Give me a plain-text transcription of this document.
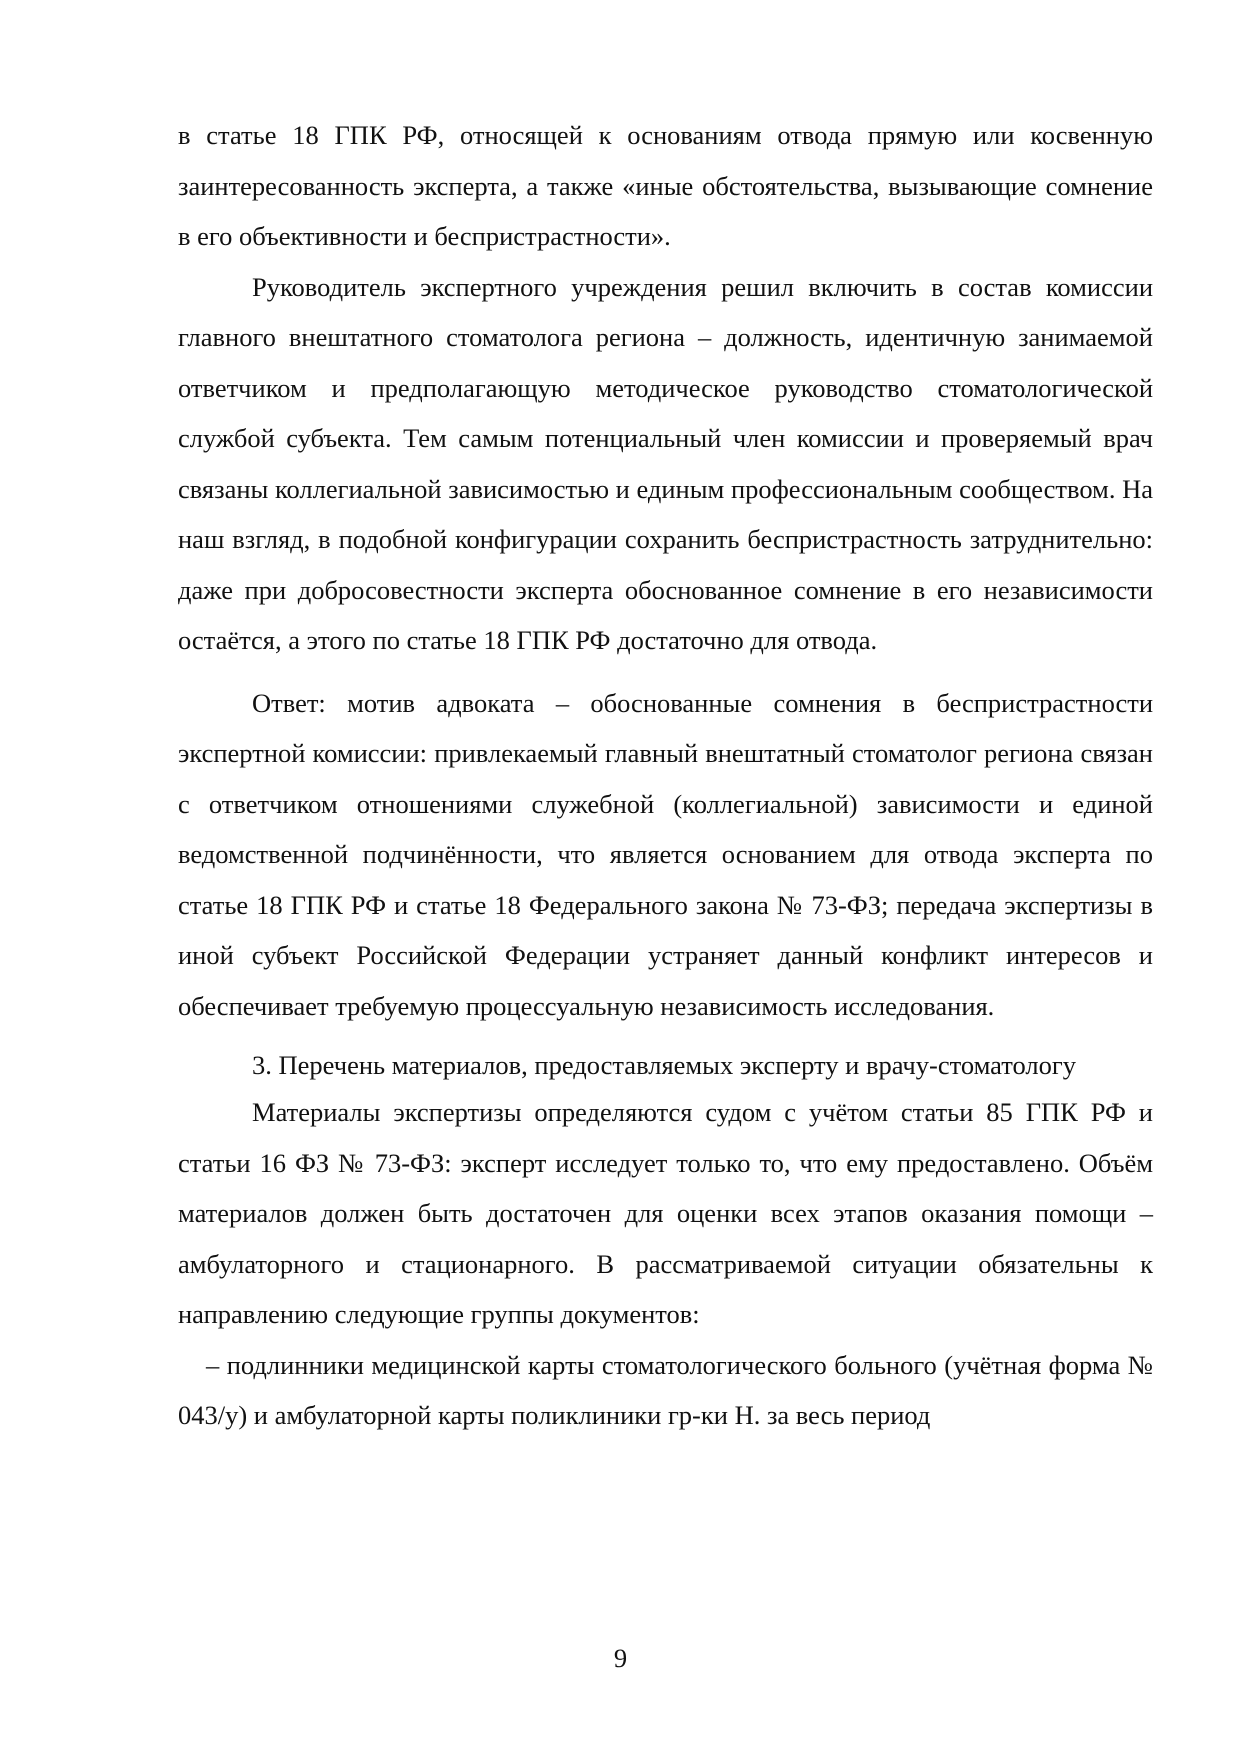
в статье 18 ГПК РФ, относящей к основаниям отвода прямую или косвенную заинтересованность эксперта, а также «иные обстоятельства, вызывающие сомнение в его объективности и беспристрастности».

Руководитель экспертного учреждения решил включить в состав комиссии главного внештатного стоматолога региона – должность, идентичную занимаемой ответчиком и предполагающую методическое руководство стоматологической службой субъекта. Тем самым потенциальный член комиссии и проверяемый врач связаны коллегиальной зависимостью и единым профессиональным сообществом. На наш взгляд, в подобной конфигурации сохранить беспристрастность затруднительно: даже при добросовестности эксперта обоснованное сомнение в его независимости остаётся, а этого по статье 18 ГПК РФ достаточно для отвода.

Ответ: мотив адвоката – обоснованные сомнения в беспристрастности экспертной комиссии: привлекаемый главный внештатный стоматолог региона связан с ответчиком отношениями служебной (коллегиальной) зависимости и единой ведомственной подчинённости, что является основанием для отвода эксперта по статье 18 ГПК РФ и статье 18 Федерального закона № 73-ФЗ; передача экспертизы в иной субъект Российской Федерации устраняет данный конфликт интересов и обеспечивает требуемую процессуальную независимость исследования.

3. Перечень материалов, предоставляемых эксперту и врачу-стоматологу

Материалы экспертизы определяются судом с учётом статьи 85 ГПК РФ и статьи 16 ФЗ № 73-ФЗ: эксперт исследует только то, что ему предоставлено. Объём материалов должен быть достаточен для оценки всех этапов оказания помощи – амбулаторного и стационарного. В рассматриваемой ситуации обязательны к направлению следующие группы документов:

– подлинники медицинской карты стоматологического больного (учётная форма № 043/у) и амбулаторной карты поликлиники гр-ки Н. за весь период

9
